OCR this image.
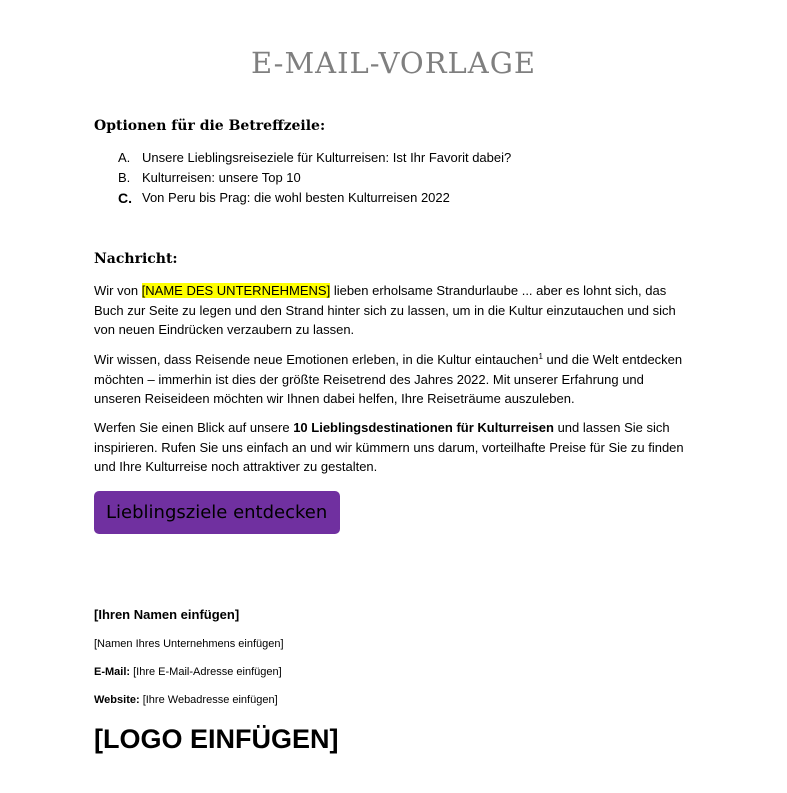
E-MAIL-VORLAGE
Optionen für die Betreffzeile:
A. Unsere Lieblingsreiseziele für Kulturreisen: Ist Ihr Favorit dabei?
B. Kulturreisen: unsere Top 10
C. Von Peru bis Prag: die wohl besten Kulturreisen 2022
Nachricht:

Wir von [NAME DES UNTERNEHMENS] lieben erholsame Strandurlaube ... aber es lohnt sich, das Buch zur Seite zu legen und den Strand hinter sich zu lassen, um in die Kultur einzutauchen und sich von neuen Eindrücken verzaubern zu lassen.

Wir wissen, dass Reisende neue Emotionen erleben, in die Kultur eintauchen$^1$ und die Welt entdecken möchten – immerhin ist dies der größte Reisetrend des Jahres 2022. Mit unserer Erfahrung und unseren Reiseideen möchten wir Ihnen dabei helfen, Ihre Reiseträume auszuleben.

Werfen Sie einen Blick auf unsere 10 Lieblingsdestinationen für Kulturreisen und lassen Sie sich inspirieren. Rufen Sie uns einfach an und wir kümmern uns darum, vorteilhafte Preise für Sie zu finden und Ihre Kulturreise noch attraktiver zu gestalten.

Lieblingsziele entdecken

[Ihren Namen einfügen]

[Namen Ihres Unternehmens einfügen]

E-Mail: [Ihre E-Mail-Adresse einfügen]

Website: [Ihre Webadresse einfügen]

[LOGO EINFÜGEN]
